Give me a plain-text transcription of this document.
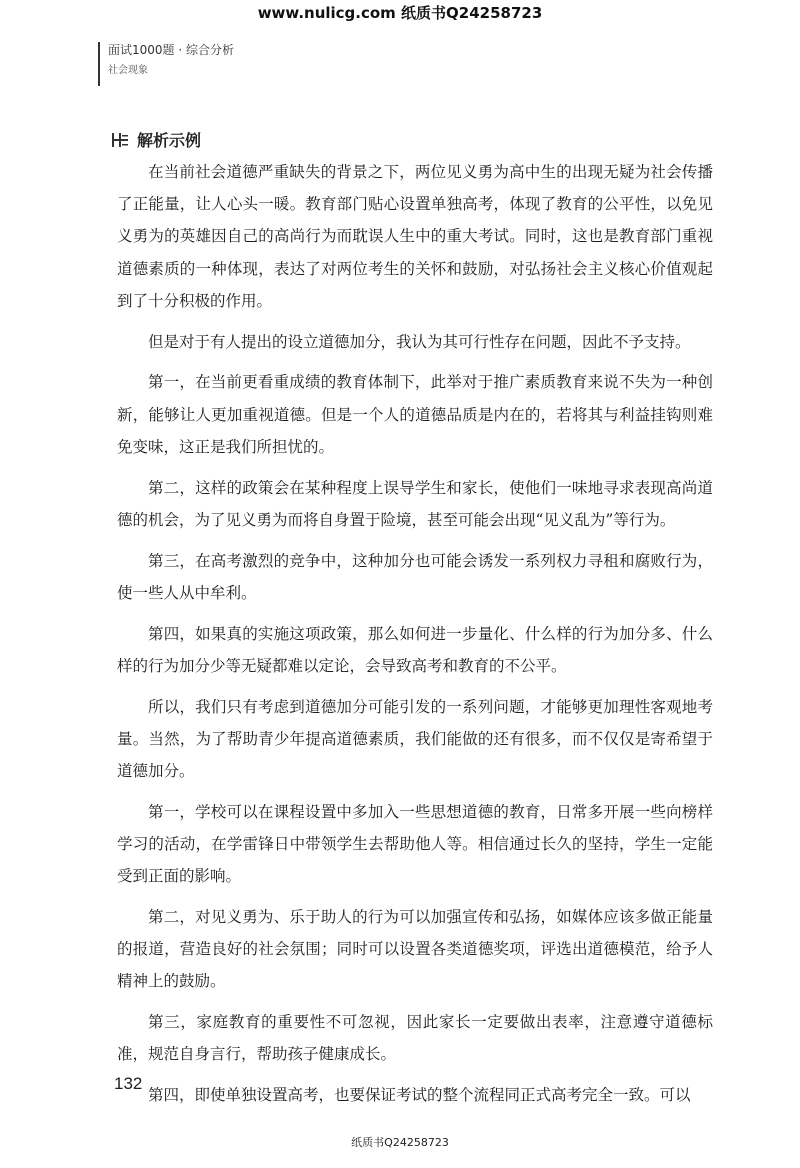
www.nulicg.com 纸质书Q24258723
面试1000题 · 综合分析
社会现象
解析示例

在当前社会道德严重缺失的背景之下，两位见义勇为高中生的出现无疑为社会传播了正能量，让人心头一暖。教育部门贴心设置单独高考，体现了教育的公平性，以免见义勇为的英雄因自己的高尚行为而耽误人生中的重大考试。同时，这也是教育部门重视道德素质的一种体现，表达了对两位考生的关怀和鼓励，对弘扬社会主义核心价值观起到了十分积极的作用。

但是对于有人提出的设立道德加分，我认为其可行性存在问题，因此不予支持。

第一，在当前更看重成绩的教育体制下，此举对于推广素质教育来说不失为一种创新，能够让人更加重视道德。但是一个人的道德品质是内在的，若将其与利益挂钩则难免变味，这正是我们所担忧的。

第二，这样的政策会在某种程度上误导学生和家长，使他们一味地寻求表现高尚道德的机会，为了见义勇为而将自身置于险境，甚至可能会出现“见义乱为”等行为。

第三，在高考激烈的竞争中，这种加分也可能会诱发一系列权力寻租和腐败行为，使一些人从中牟利。

第四，如果真的实施这项政策，那么如何进一步量化、什么样的行为加分多、什么样的行为加分少等无疑都难以定论，会导致高考和教育的不公平。

所以，我们只有考虑到道德加分可能引发的一系列问题，才能够更加理性客观地考量。当然，为了帮助青少年提高道德素质，我们能做的还有很多，而不仅仅是寄希望于道德加分。

第一，学校可以在课程设置中多加入一些思想道德的教育，日常多开展一些向榜样学习的活动，在学雷锋日中带领学生去帮助他人等。相信通过长久的坚持，学生一定能受到正面的影响。

第二，对见义勇为、乐于助人的行为可以加强宣传和弘扬，如媒体应该多做正能量的报道，营造良好的社会氛围；同时可以设置各类道德奖项，评选出道德模范，给予人精神上的鼓励。

第三，家庭教育的重要性不可忽视，因此家长一定要做出表率，注意遵守道德标准，规范自身言行，帮助孩子健康成长。

第四，即使单独设置高考，也要保证考试的整个流程同正式高考完全一致。可以

132
纸质书Q24258723
